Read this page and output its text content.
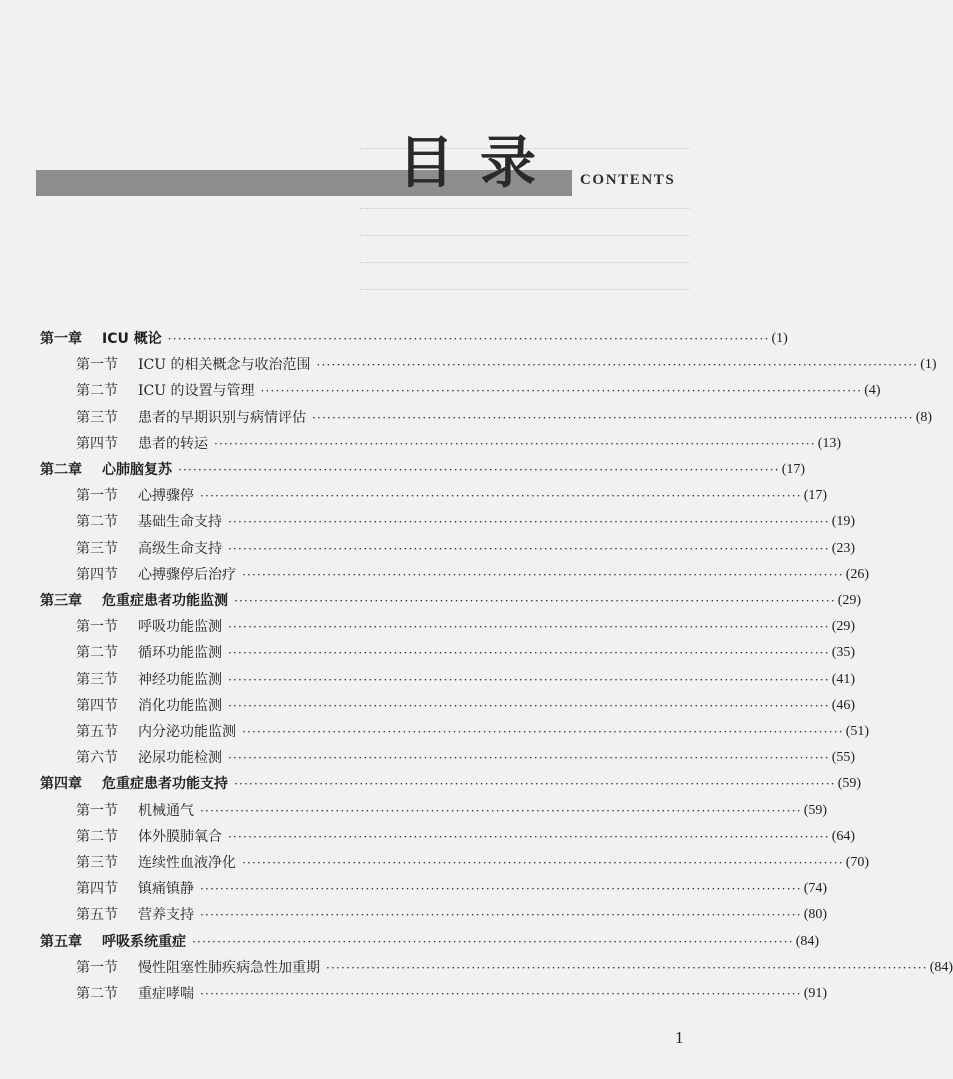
目录 CONTENTS
第一章	ICU 概论 ························································································································ (1)
第一节	ICU 的相关概念与收治范围 ························································································································ (1)
第二节	ICU 的设置与管理 ························································································································ (4)
第三节	患者的早期识别与病情评估 ························································································································ (8)
第四节	患者的转运 ························································································································ (13)
第二章	心肺脑复苏 ························································································································ (17)
第一节	心搏骤停 ························································································································ (17)
第二节	基础生命支持 ························································································································ (19)
第三节	高级生命支持 ························································································································ (23)
第四节	心搏骤停后治疗 ························································································································ (26)
第三章	危重症患者功能监测 ························································································································ (29)
第一节	呼吸功能监测 ························································································································ (29)
第二节	循环功能监测 ························································································································ (35)
第三节	神经功能监测 ························································································································ (41)
第四节	消化功能监测 ························································································································ (46)
第五节	内分泌功能监测 ························································································································ (51)
第六节	泌尿功能检测 ························································································································ (55)
第四章	危重症患者功能支持 ························································································································ (59)
第一节	机械通气 ························································································································ (59)
第二节	体外膜肺氧合 ························································································································ (64)
第三节	连续性血液净化 ························································································································ (70)
第四节	镇痛镇静 ························································································································ (74)
第五节	营养支持 ························································································································ (80)
第五章	呼吸系统重症 ························································································································ (84)
第一节	慢性阻塞性肺疾病急性加重期 ························································································································ (84)
第二节	重症哮喘 ························································································································ (91)
1
